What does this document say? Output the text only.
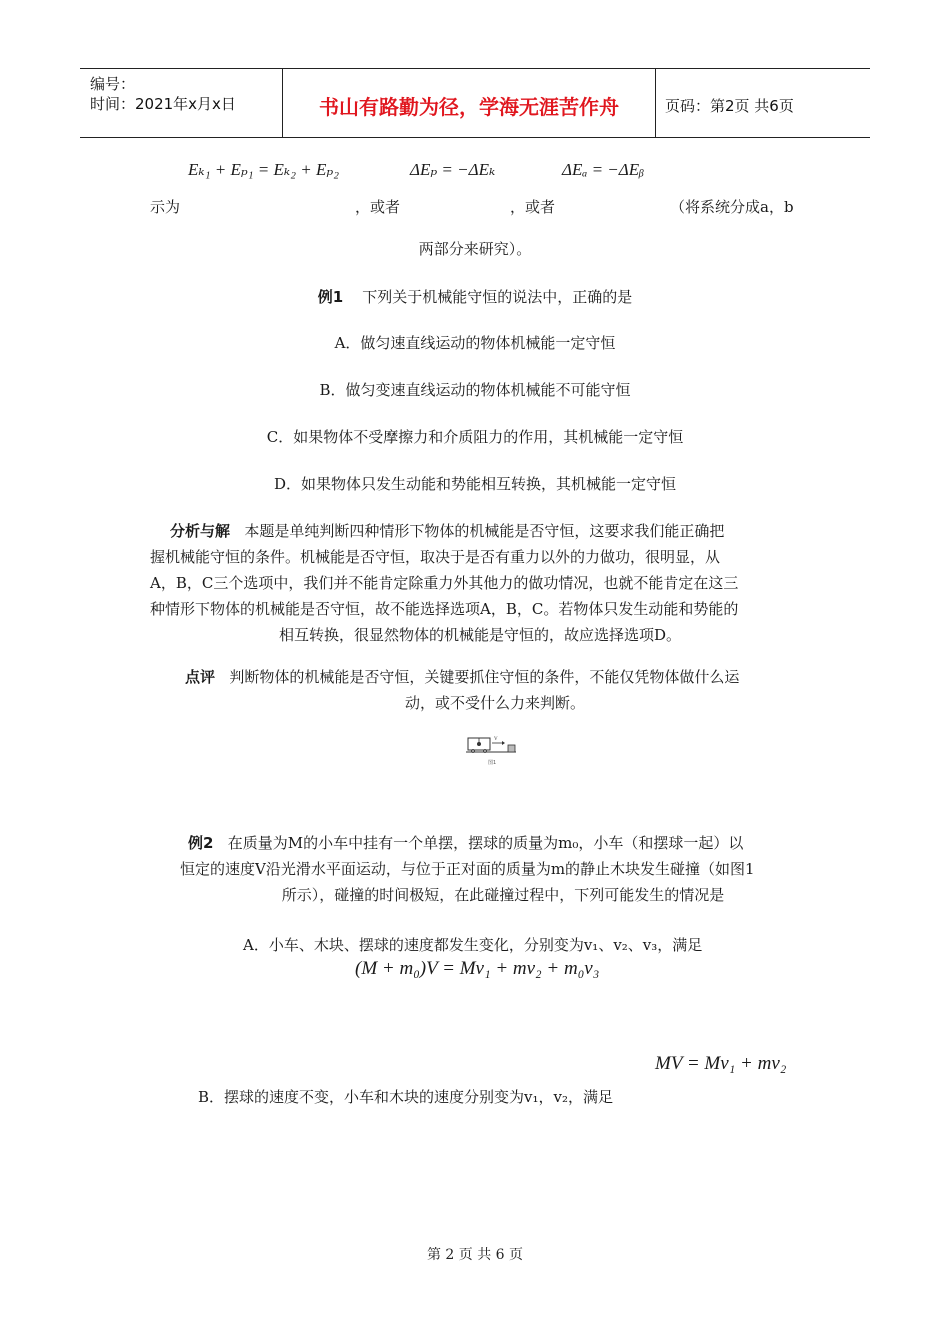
编号：
时间：2021年x月x日	书山有路勤为径，学海无涯苦作舟	页码：第2页 共6页
Eₖ₁ + Eₚ₁ = Eₖ₂ + Eₚ₂	ΔEₚ = −ΔEₖ	ΔEₐ = −ΔEᵦ
示为	，或者	，或者	（将系统分成a，b
两部分来研究）。
例1 下列关于机械能守恒的说法中，正确的是
A．做匀速直线运动的物体机械能一定守恒
B．做匀变速直线运动的物体机械能不可能守恒
C．如果物体不受摩擦力和介质阻力的作用，其机械能一定守恒
D．如果物体只发生动能和势能相互转换，其机械能一定守恒

分析与解 本题是单纯判断四种情形下物体的机械能是否守恒，这要求我们能正确把

握机械能守恒的条件。机械能是否守恒，取决于是否有重力以外的力做功，很明显，从

A，B，C三个选项中，我们并不能肯定除重力外其他力的做功情况，也就不能肯定在这三

种情形下物体的机械能是否守恒，故不能选择选项A，B，C。若物体只发生动能和势能的

相互转换，很显然物体的机械能是守恒的，故应选择选项D。

点评 判断物体的机械能是否守恒，关键要抓住守恒的条件，不能仅凭物体做什么运

动，或不受什么力来判断。

V
图1

例2 在质量为M的小车中挂有一个单摆，摆球的质量为m₀，小车（和摆球一起）以

恒定的速度V沿光滑水平面运动，与位于正对面的质量为m的静止木块发生碰撞（如图1

所示），碰撞的时间极短，在此碰撞过程中，下列可能发生的情况是

A．小车、木块、摆球的速度都发生变化，分别变为v₁、v₂、v₃，满足
(M + m₀)V = Mv₁ + mv₂ + m₀v₃
MV = Mv₁ + mv₂
B．摆球的速度不变，小车和木块的速度分别变为v₁，v₂，满足
第 2 页 共 6 页
